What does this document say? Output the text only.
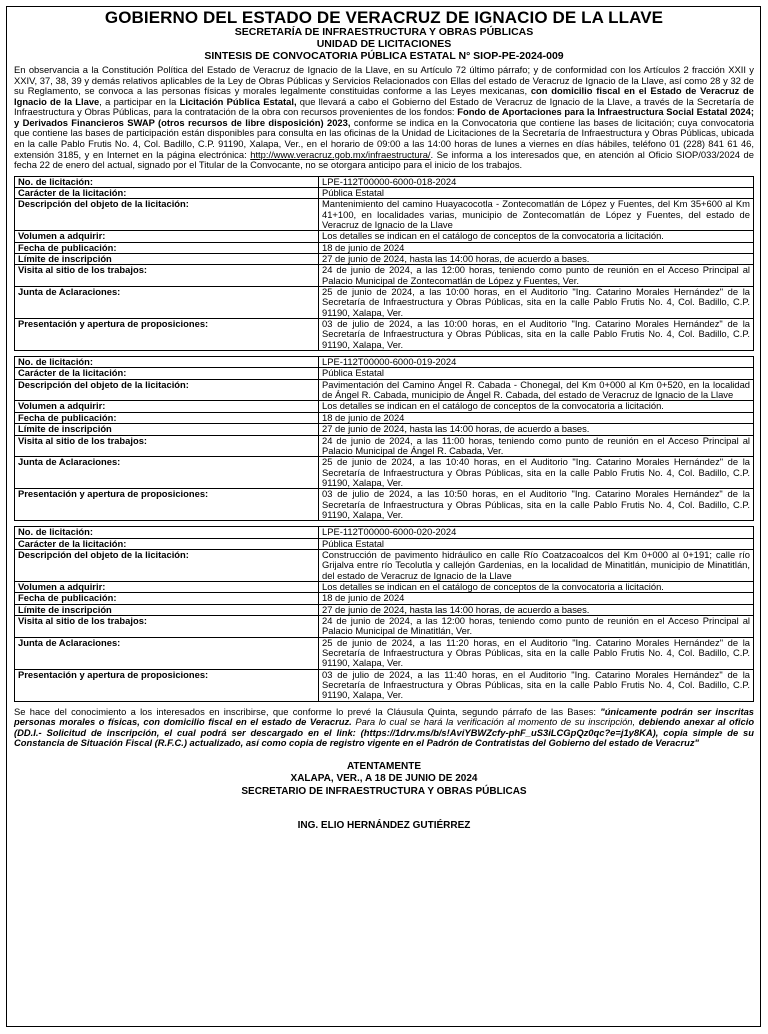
GOBIERNO DEL ESTADO DE VERACRUZ DE IGNACIO DE LA LLAVE
SECRETARÍA DE INFRAESTRUCTURA Y OBRAS PÚBLICAS
UNIDAD DE LICITACIONES
SINTESIS DE CONVOCATORIA PÚBLICA ESTATAL N° SIOP-PE-2024-009
En observancia a la Constitución Política del Estado de Veracruz de Ignacio de la Llave, en su Artículo 72 último párrafo; y de conformidad con los Artículos 2 fracción XXII y XXIV, 37, 38, 39 y demás relativos aplicables de la Ley de Obras Públicas y Servicios Relacionados con Ellas del estado de Veracruz de Ignacio de la Llave, así como 28 y 32 de su Reglamento, se convoca a las personas físicas y morales legalmente constituidas conforme a las Leyes mexicanas, con domicilio fiscal en el Estado de Veracruz de Ignacio de la Llave, a participar en la Licitación Pública Estatal, que llevará a cabo el Gobierno del Estado de Veracruz de Ignacio de la Llave, a través de la Secretaría de Infraestructura y Obras Públicas, para la contratación de la obra con recursos provenientes de los fondos: Fondo de Aportaciones para la Infraestructura Social Estatal 2024; y Derivados Financieros SWAP (otros recursos de libre disposición) 2023, conforme se indica en la Convocatoria que contiene las bases de licitación; cuya convocatoria que contiene las bases de participación están disponibles para consulta en las oficinas de la Unidad de Licitaciones de la Secretaría de Infraestructura y Obras Públicas, ubicada en la calle Pablo Frutis No. 4, Col. Badillo, C.P. 91190, Xalapa, Ver., en el horario de 09:00 a las 14:00 horas de lunes a viernes en días hábiles, teléfono 01 (228) 841 61 46, extensión 3185, y en Internet en la página electrónica: http://www.veracruz.gob.mx/infraestructura/. Se informa a los interesados que, en atención al Oficio SIOP/033/2024 de fecha 22 de enero del actual, signado por el Titular de la Convocante, no se otorgara anticipo para el inicio de los trabajos.
No. de licitación:	LPE-112T00000-6000-018-2024
Carácter de la licitación:	Pública Estatal
Descripción del objeto de la licitación:	Mantenimiento del camino Huayacocotla - Zontecomatlán de López y Fuentes, del Km 35+600 al Km 41+100, en localidades varias, municipio de Zontecomatlán de López y Fuentes, del estado de Veracruz de Ignacio de la Llave
Volumen a adquirir:	Los detalles se indican en el catálogo de conceptos de la convocatoria a licitación.
Fecha de publicación:	18 de junio de 2024
Límite de inscripción	27 de junio de 2024, hasta las 14:00 horas, de acuerdo a bases.
Visita al sitio de los trabajos:	24 de junio de 2024, a las 12:00 horas, teniendo como punto de reunión en el Acceso Principal al Palacio Municipal de Zontecomatlán de López y Fuentes, Ver.
Junta de Aclaraciones:	25 de junio de 2024, a las 10:00 horas, en el Auditorio "Ing. Catarino Morales Hernández" de la Secretaría de Infraestructura y Obras Públicas, sita en la calle Pablo Frutis No. 4, Col. Badillo, C.P. 91190, Xalapa, Ver.
Presentación y apertura de proposiciones:	03 de julio de 2024, a las 10:00 horas, en el Auditorio "Ing. Catarino Morales Hernández" de la Secretaría de Infraestructura y Obras Públicas, sita en la calle Pablo Frutis No. 4, Col. Badillo, C.P. 91190, Xalapa, Ver.
No. de licitación:	LPE-112T00000-6000-019-2024
Carácter de la licitación:	Pública Estatal
Descripción del objeto de la licitación:	Pavimentación del Camino Ángel R. Cabada - Chonegal, del Km 0+000 al Km 0+520, en la localidad de Ángel R. Cabada, municipio de Ángel R. Cabada, del estado de Veracruz de Ignacio de la Llave
Volumen a adquirir:	Los detalles se indican en el catálogo de conceptos de la convocatoria a licitación.
Fecha de publicación:	18 de junio de 2024
Límite de inscripción	27 de junio de 2024, hasta las 14:00 horas, de acuerdo a bases.
Visita al sitio de los trabajos:	24 de junio de 2024, a las 11:00 horas, teniendo como punto de reunión en el Acceso Principal al Palacio Municipal de Ángel R. Cabada, Ver.
Junta de Aclaraciones:	25 de junio de 2024, a las 10:40 horas, en el Auditorio "Ing. Catarino Morales Hernández" de la Secretaría de Infraestructura y Obras Públicas, sita en la calle Pablo Frutis No. 4, Col. Badillo, C.P. 91190, Xalapa, Ver.
Presentación y apertura de proposiciones:	03 de julio de 2024, a las 10:50 horas, en el Auditorio "Ing. Catarino Morales Hernández" de la Secretaría de Infraestructura y Obras Públicas, sita en la calle Pablo Frutis No. 4, Col. Badillo, C.P. 91190, Xalapa, Ver.
No. de licitación:	LPE-112T00000-6000-020-2024
Carácter de la licitación:	Pública Estatal
Descripción del objeto de la licitación:	Construcción de pavimento hidráulico en calle Río Coatzacoalcos del Km 0+000 al 0+191; calle río Grijalva entre río Tecolutla y callejón Gardenias, en la localidad de Minatitlán, municipio de Minatitlán, del estado de Veracruz de Ignacio de la Llave
Volumen a adquirir:	Los detalles se indican en el catálogo de conceptos de la convocatoria a licitación.
Fecha de publicación:	18 de junio de 2024
Límite de inscripción	27 de junio de 2024, hasta las 14:00 horas, de acuerdo a bases.
Visita al sitio de los trabajos:	24 de junio de 2024, a las 12:00 horas, teniendo como punto de reunión en el Acceso Principal al Palacio Municipal de Minatitlán, Ver.
Junta de Aclaraciones:	25 de junio de 2024, a las 11:20 horas, en el Auditorio "Ing. Catarino Morales Hernández" de la Secretaría de Infraestructura y Obras Públicas, sita en la calle Pablo Frutis No. 4, Col. Badillo, C.P. 91190, Xalapa, Ver.
Presentación y apertura de proposiciones:	03 de julio de 2024, a las 11:40 horas, en el Auditorio "Ing. Catarino Morales Hernández" de la Secretaría de Infraestructura y Obras Públicas, sita en la calle Pablo Frutis No. 4, Col. Badillo, C.P. 91190, Xalapa, Ver.
Se hace del conocimiento a los interesados en inscribirse, que conforme lo prevé la Cláusula Quinta, segundo párrafo de las Bases: "únicamente podrán ser inscritas personas morales o físicas, con domicilio fiscal en el estado de Veracruz. Para lo cual se hará la verificación al momento de su inscripción, debiendo anexar al oficio (DD.I.- Solicitud de inscripción, el cual podrá ser descargado en el link: (https://1drv.ms/b/s!AviYBWZcfy-phF_uS3iLCGpQz0qc?e=j1y8KA), copia simple de su Constancia de Situación Fiscal (R.F.C.) actualizado, así como copia de registro vigente en el Padrón de Contratistas del Gobierno del estado de Veracruz"
ATENTAMENTE
XALAPA, VER., A 18 DE JUNIO DE 2024
SECRETARIO DE INFRAESTRUCTURA Y OBRAS PÚBLICAS
ING. ELIO HERNÁNDEZ GUTIÉRREZ
